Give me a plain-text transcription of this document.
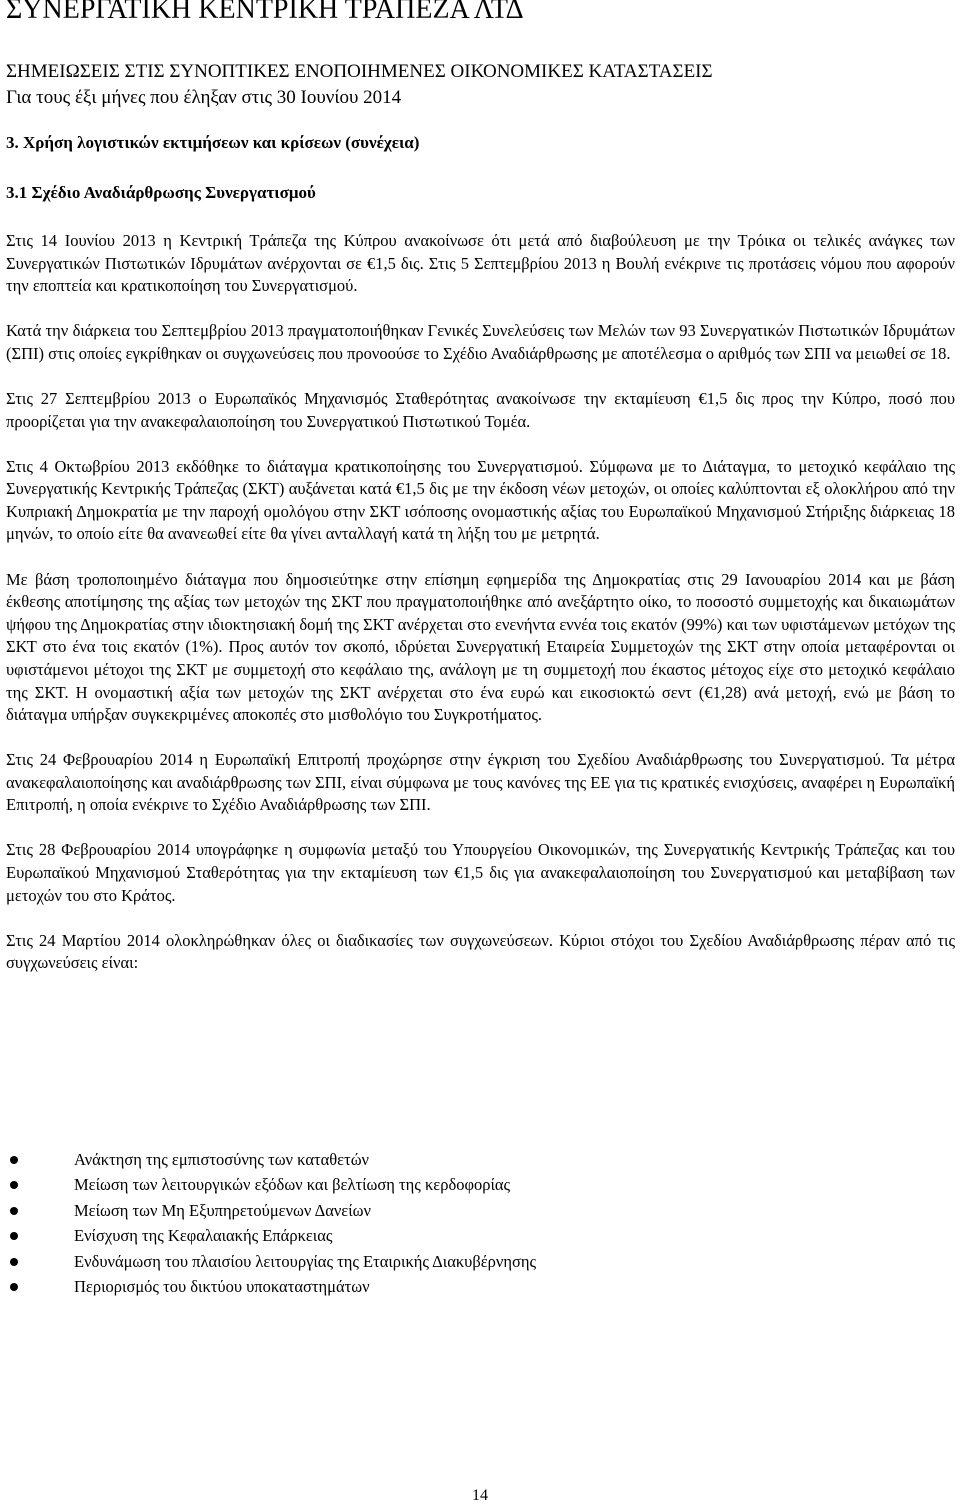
ΣΥΝΕΡΓΑΤΙΚΗ ΚΕΝΤΡΙΚΗ ΤΡΑΠΕΖΑ ΛΤΔ
ΣΗΜΕΙΩΣΕΙΣ ΣΤΙΣ ΣΥΝΟΠΤΙΚΕΣ ΕΝΟΠΟΙΗΜΕΝΕΣ ΟΙΚΟΝΟΜΙΚΕΣ ΚΑΤΑΣΤΑΣΕΙΣ
Για τους έξι μήνες που έληξαν στις 30 Ιουνίου 2014
3. Χρήση λογιστικών εκτιμήσεων και κρίσεων (συνέχεια)
3.1 Σχέδιο Αναδιάρθρωσης Συνεργατισμού

Στις 14 Ιουνίου 2013 η Κεντρική Τράπεζα της Κύπρου ανακοίνωσε ότι μετά από διαβούλευση με την Τρόικα οι τελικές ανάγκες των Συνεργατικών Πιστωτικών Ιδρυμάτων ανέρχονται σε €1,5 δις. Στις 5 Σεπτεμβρίου 2013 η Βουλή ενέκρινε τις προτάσεις νόμου που αφορούν την εποπτεία και κρατικοποίηση του Συνεργατισμού.

Κατά την διάρκεια του Σεπτεμβρίου 2013 πραγματοποιήθηκαν Γενικές Συνελεύσεις των Μελών των 93 Συνεργατικών Πιστωτικών Ιδρυμάτων (ΣΠΙ) στις οποίες εγκρίθηκαν οι συγχωνεύσεις που προνοούσε το Σχέδιο Αναδιάρθρωσης με αποτέλεσμα ο αριθμός των ΣΠΙ να μειωθεί σε 18.

Στις 27 Σεπτεμβρίου 2013 ο Ευρωπαϊκός Μηχανισμός Σταθερότητας ανακοίνωσε την εκταμίευση €1,5 δις προς την Κύπρο, ποσό που προορίζεται για την ανακεφαλαιοποίηση του Συνεργατικού Πιστωτικού Τομέα.

Στις 4 Οκτωβρίου 2013 εκδόθηκε το διάταγμα κρατικοποίησης του Συνεργατισμού. Σύμφωνα με το Διάταγμα, το μετοχικό κεφάλαιο της Συνεργατικής Κεντρικής Τράπεζας (ΣΚΤ) αυξάνεται κατά €1,5 δις με την έκδοση νέων μετοχών, οι οποίες καλύπτονται εξ ολοκλήρου από την Κυπριακή Δημοκρατία με την παροχή ομολόγου στην ΣΚΤ ισόποσης ονομαστικής αξίας του Ευρωπαϊκού Μηχανισμού Στήριξης διάρκειας 18 μηνών, το οποίο είτε θα ανανεωθεί είτε θα γίνει ανταλλαγή κατά τη λήξη του με μετρητά.

Με βάση τροποποιημένο διάταγμα που δημοσιεύτηκε στην επίσημη εφημερίδα της Δημοκρατίας στις 29 Ιανουαρίου 2014 και με βάση έκθεσης αποτίμησης της αξίας των μετοχών της ΣΚΤ που πραγματοποιήθηκε από ανεξάρτητο οίκο, το ποσοστό συμμετοχής και δικαιωμάτων ψήφου της Δημοκρατίας στην ιδιοκτησιακή δομή της ΣΚΤ ανέρχεται στο ενενήντα εννέα τοις εκατόν (99%) και των υφιστάμενων μετόχων της ΣΚΤ στο ένα τοις εκατόν (1%). Προς αυτόν τον σκοπό, ιδρύεται Συνεργατική Εταιρεία Συμμετοχών της ΣΚΤ στην οποία μεταφέρονται οι υφιστάμενοι μέτοχοι της ΣΚΤ με συμμετοχή στο κεφάλαιο της, ανάλογη με τη συμμετοχή που έκαστος μέτοχος είχε στο μετοχικό κεφάλαιο της ΣΚΤ. Η ονομαστική αξία των μετοχών της ΣΚΤ ανέρχεται στο ένα ευρώ και εικοσιοκτώ σεντ (€1,28) ανά μετοχή, ενώ με βάση το διάταγμα υπήρξαν συγκεκριμένες αποκοπές στο μισθολόγιο του Συγκροτήματος.

Στις 24 Φεβρουαρίου 2014 η Ευρωπαϊκή Επιτροπή προχώρησε στην έγκριση του Σχεδίου Αναδιάρθρωσης του Συνεργατισμού. Τα μέτρα ανακεφαλαιοποίησης και αναδιάρθρωσης των ΣΠΙ, είναι σύμφωνα με τους κανόνες της ΕΕ για τις κρατικές ενισχύσεις, αναφέρει η Ευρωπαϊκή Επιτροπή, η οποία ενέκρινε το Σχέδιο Αναδιάρθρωσης των ΣΠΙ.

Στις 28 Φεβρουαρίου 2014 υπογράφηκε η συμφωνία μεταξύ του Υπουργείου Οικονομικών, της Συνεργατικής Κεντρικής Τράπεζας και του Ευρωπαϊκού Μηχανισμού Σταθερότητας για την εκταμίευση των €1,5 δις για ανακεφαλαιοποίηση του Συνεργατισμού και μεταβίβαση των μετοχών του στο Κράτος.

Στις 24 Μαρτίου 2014 ολοκληρώθηκαν όλες οι διαδικασίες των συγχωνεύσεων. Κύριοι στόχοι του Σχεδίου Αναδιάρθρωσης πέραν από τις συγχωνεύσεις είναι:

Ανάκτηση της εμπιστοσύνης των καταθετών
Μείωση των λειτουργικών εξόδων και βελτίωση της κερδοφορίας
Μείωση των Μη Εξυπηρετούμενων Δανείων
Ενίσχυση της Κεφαλαιακής Επάρκειας
Ενδυνάμωση του πλαισίου λειτουργίας της Εταιρικής Διακυβέρνησης
Περιορισμός του δικτύου υποκαταστημάτων
14
